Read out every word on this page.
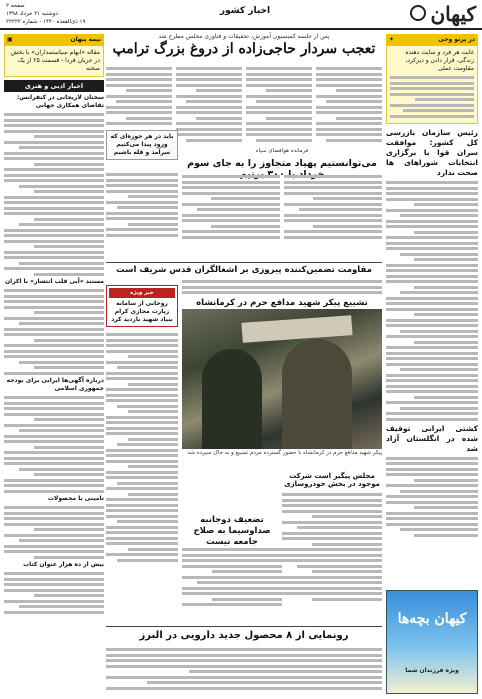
کیهان
اخبار کشور
صفحه ۲
دوشنبه ۲۱ خرداد ۱۳۹۸
۱۹ ذی‌القعده ۱۴۴۰ - شماره ۲۲۲۲۲
در پرتو وحی
✦
غایت هر فرد و سایت دهنده زندگی، قرار دادن و دیرکرد، مقاومت عملی
رئیس سازمان بازرسی کل کشور: موافقت سران قوا با برگزاری انتخابات شوراهای ها صحت ندارد
کشتی ایرانی توقیف شده در انگلستان آزاد شد
کیهان بچه‌ها
ویژه فرزندان شما
پس از جلسه کمیسیون آموزش، تحقیقات و فناوری مجلس مطرح شد
تعجب سردار حاجی‌زاده از دروغ بزرگ ترامپ
باید در هر حوزه‌ای که ورود پیدا می‌کنیم سرآمد و قله باشیم	فرمانده هوافضای سپاه
می‌توانستیم پهپاد متجاوز را به جای سوم
مقاومت تضمین‌کننده پیروزی بر اشغالگران قدس شریف است
تشییع پیکر شهید مدافع حرم در کرمانشاه
پیکر شهید مدافع حرم در کرمانشاه با حضور گسترده مردم تشییع و به خاک سپرده شد
خبر ویژه
روحانی از سامانه زیارت مجازی کرام بنیاد شهید بازدید کرد
مجلس پیگیر است شرکت موجود در بخش خودروسازی
تضعیف دوجانبه صداوسیما به صلاح جامعه نیست
رونمایی از ۸ محصول جدید دارویی در البرز
نیمه پنهان
▣
مقاله «ابهام سیاستمداران» با بخش در جریان فردا - قسمت ۲۵ از یک صحنه
اخبار ادبی و هنری
سخنان لاریجانی در کنفرانس: تقاضای همکاری جهانی
مستند «آبی قلب انتشار» با اکران
درباره آگهی‌ها ایرانی برای بودجه جمهوری اسلامی
تامینی با محصولات
بیش از ده هزار عنوان کتاب
